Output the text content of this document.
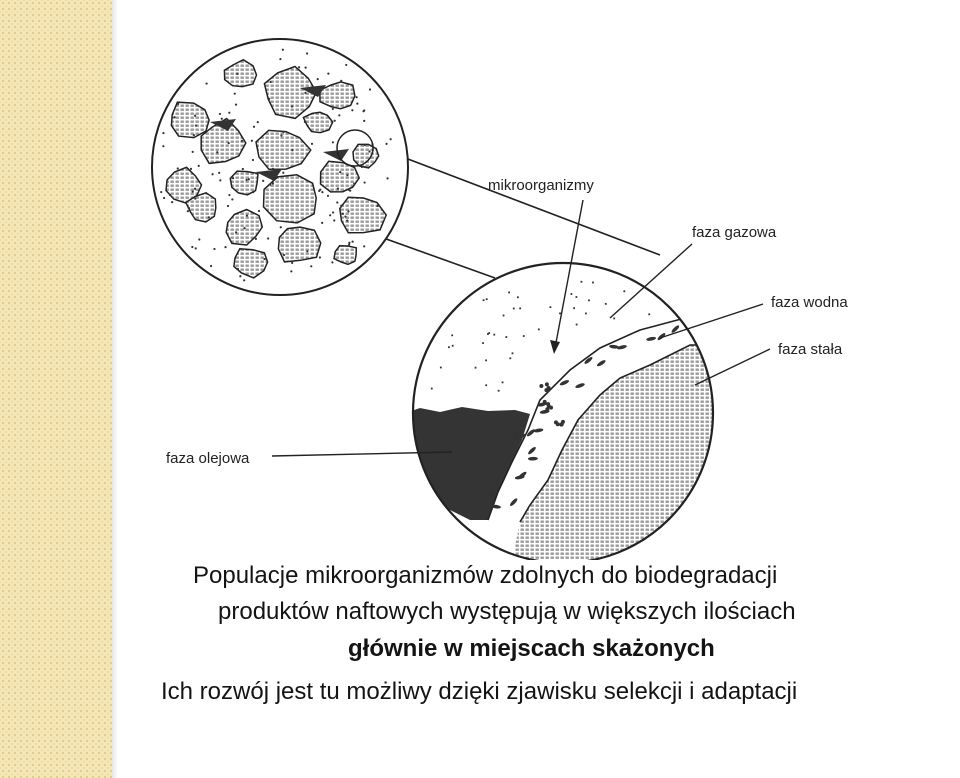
mikroorganizmy
faza gazowa
faza wodna
faza stała
faza olejowa
Populacje mikroorganizmów zdolnych do biodegradacji
produktów naftowych występują w większych ilościach
głównie w miejscach skażonych
Ich rozwój jest tu możliwy dzięki zjawisku selekcji i adaptacji
